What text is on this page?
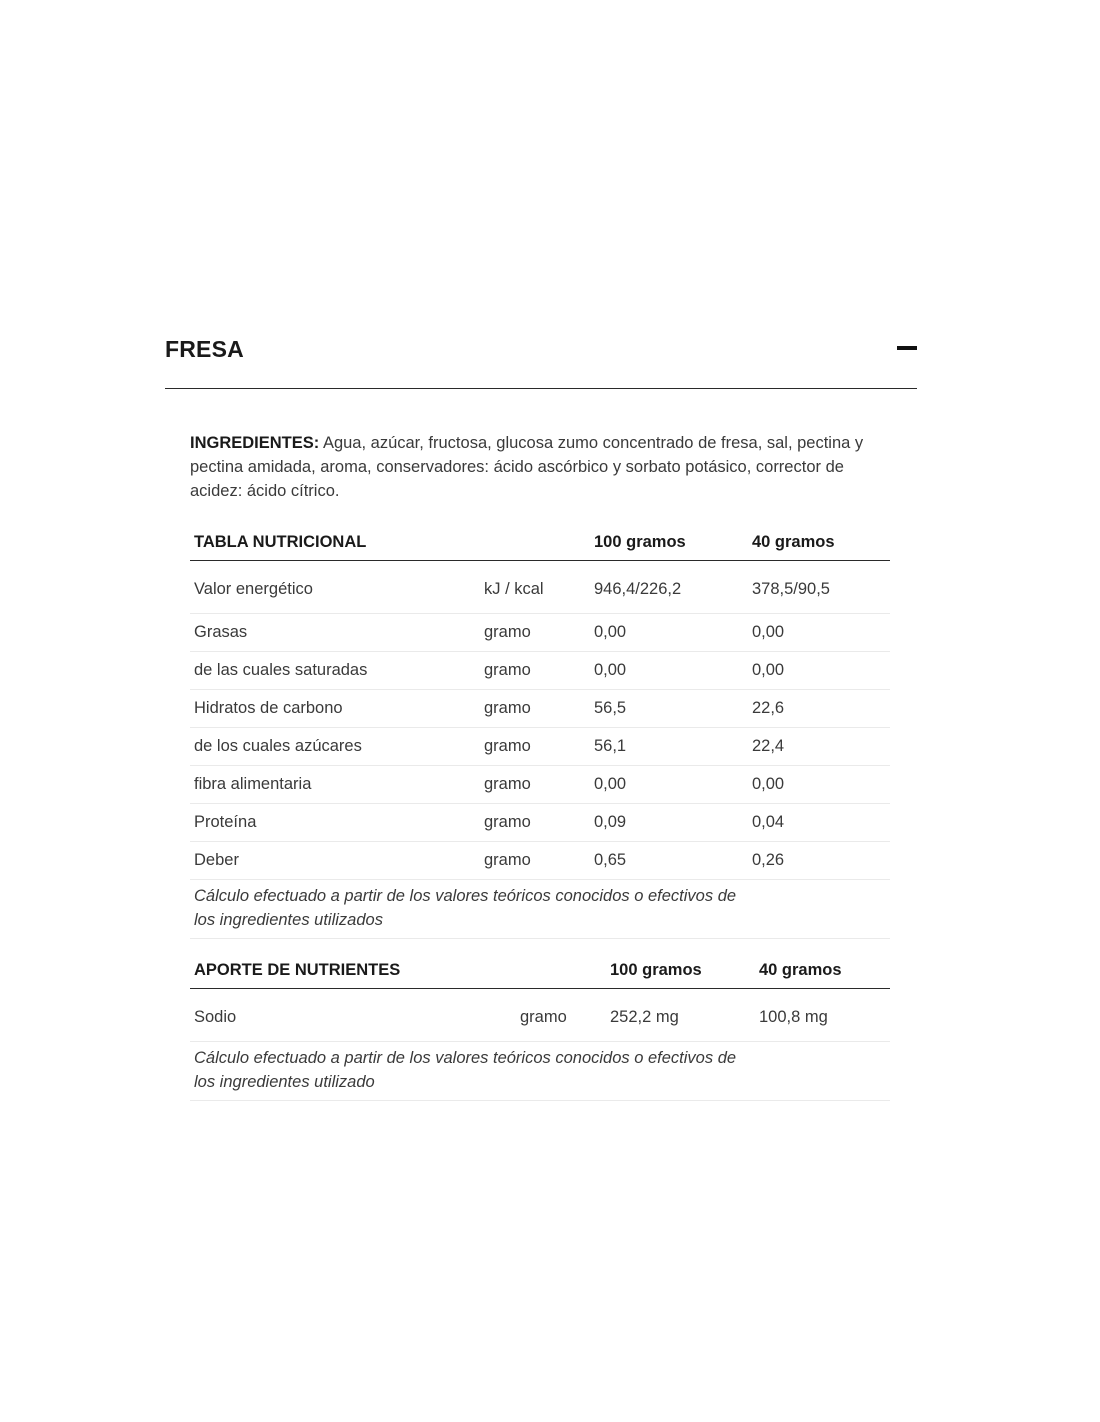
FRESA

INGREDIENTES: Agua, azúcar, fructosa, glucosa zumo concentrado de fresa, sal, pectina y pectina amidada, aroma, conservadores: ácido ascórbico y sorbato potásico, corrector de acidez: ácido cítrico.

TABLA NUTRICIONAL		100 gramos	40 gramos
Valor energético	kJ / kcal	946,4/226,2	378,5/90,5
Grasas	gramo	0,00	0,00
de las cuales saturadas	gramo	0,00	0,00
Hidratos de carbono	gramo	56,5	22,6
de los cuales azúcares	gramo	56,1	22,4
fibra alimentaria	gramo	0,00	0,00
Proteína	gramo	0,09	0,04
Deber	gramo	0,65	0,26
Cálculo efectuado a partir de los valores teóricos conocidos o efectivos de los ingredientes utilizados			
APORTE DE NUTRIENTES		100 gramos	40 gramos
Sodio	gramo	252,2 mg	100,8 mg
Cálculo efectuado a partir de los valores teóricos conocidos o efectivos de los ingredientes utilizado			
